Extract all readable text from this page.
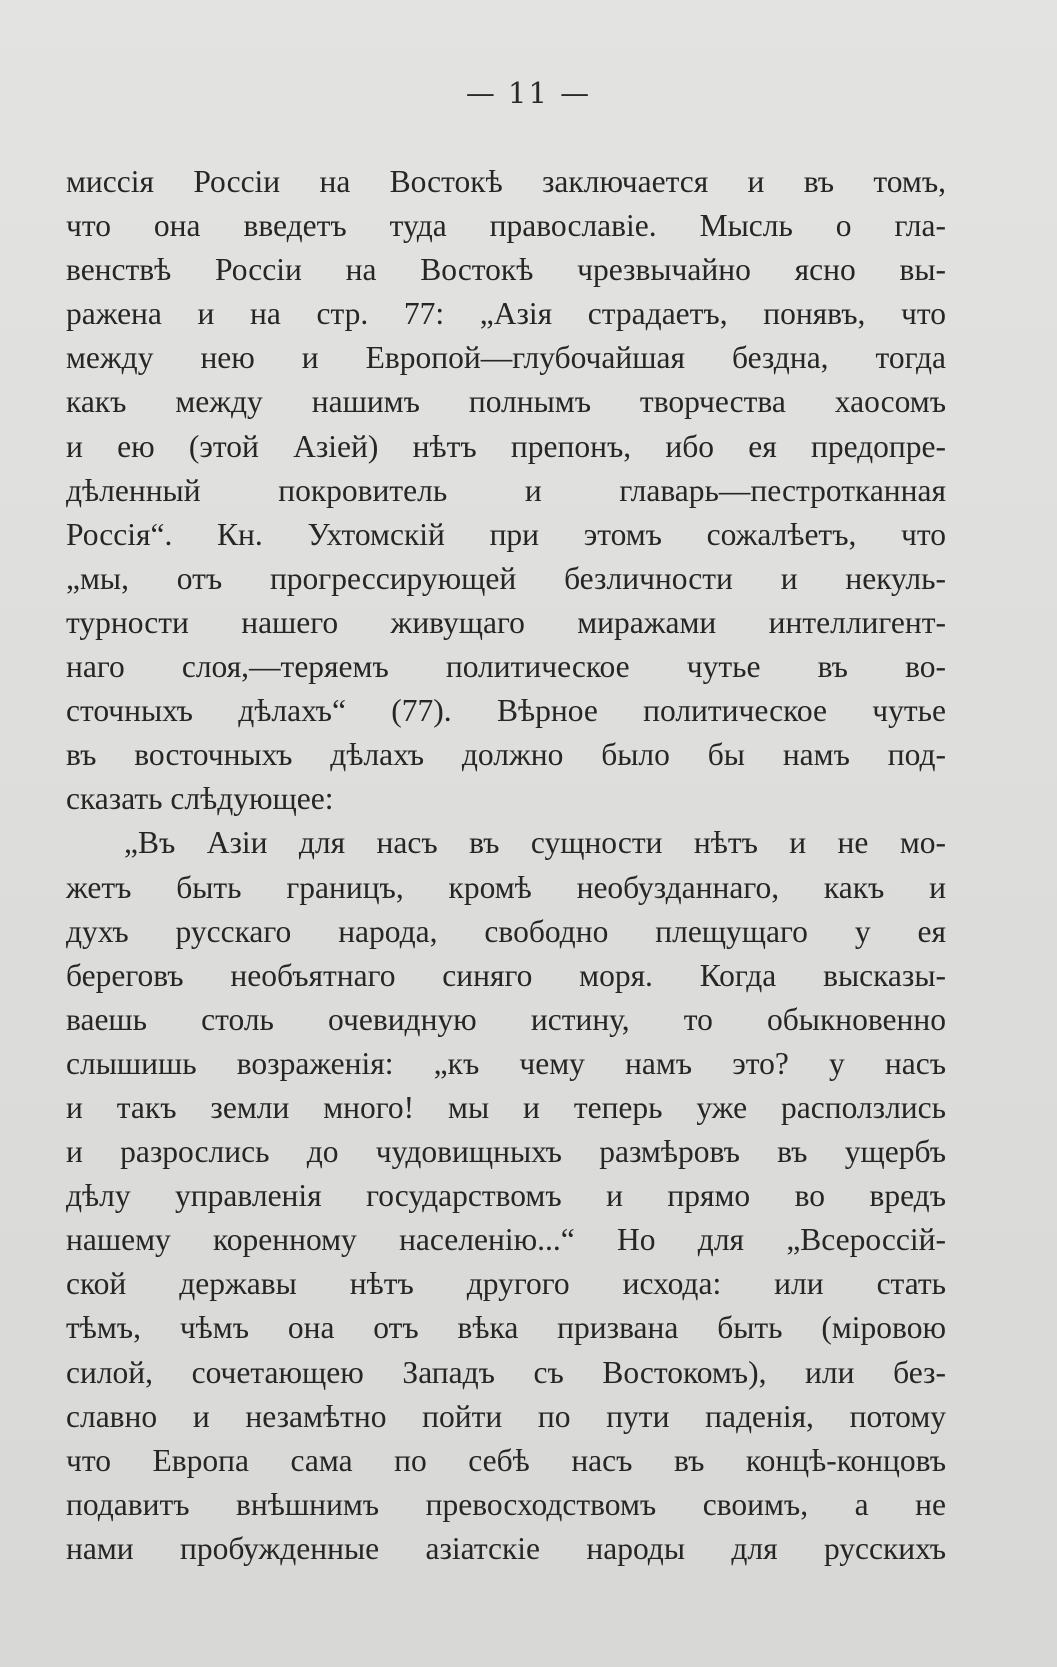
— 11 —
миссія Россіи на Востокѣ заключается и въ томъ,
что она введетъ туда православіе. Мысль о гла-
венствѣ Россіи на Востокѣ чрезвычайно ясно вы-
ражена и на стр. 77: „Азія страдаетъ, понявъ, что
между нею и Европой—глубочайшая бездна, тогда
какъ между нашимъ полнымъ творчества хаосомъ
и ею (этой Азіей) нѣтъ препонъ, ибо ея предопре-
дѣленный покровитель и главарь—пестротканная
Россія“. Кн. Ухтомскій при этомъ сожалѣетъ, что
„мы, отъ прогрессирующей безличности и некуль-
турности нашего живущаго миражами интеллигент-
наго слоя,—теряемъ политическое чутье въ во-
сточныхъ дѣлахъ“ (77). Вѣрное политическое чутье
въ восточныхъ дѣлахъ должно было бы намъ под-
сказать слѣдующее:
„Въ Азіи для насъ въ сущности нѣтъ и не мо-
жетъ быть границъ, кромѣ необузданнаго, какъ и
духъ русскаго народа, свободно плещущаго у ея
береговъ необъятнаго синяго моря. Когда высказы-
ваешь столь очевидную истину, то обыкновенно
слышишь возраженія: „къ чему намъ это? у насъ
и такъ земли много! мы и теперь уже расползлись
и разрослись до чудовищныхъ размѣровъ въ ущербъ
дѣлу управленія государствомъ и прямо во вредъ
нашему коренному населенію...“ Но для „Всероссій-
ской державы нѣтъ другого исхода: или стать
тѣмъ, чѣмъ она отъ вѣка призвана быть (міровою
силой, сочетающею Западъ съ Востокомъ), или без-
славно и незамѣтно пойти по пути паденія, потому
что Европа сама по себѣ насъ въ концѣ-концовъ
подавитъ внѣшнимъ превосходствомъ своимъ, а не
нами пробужденные азіатскіе народы для русскихъ
